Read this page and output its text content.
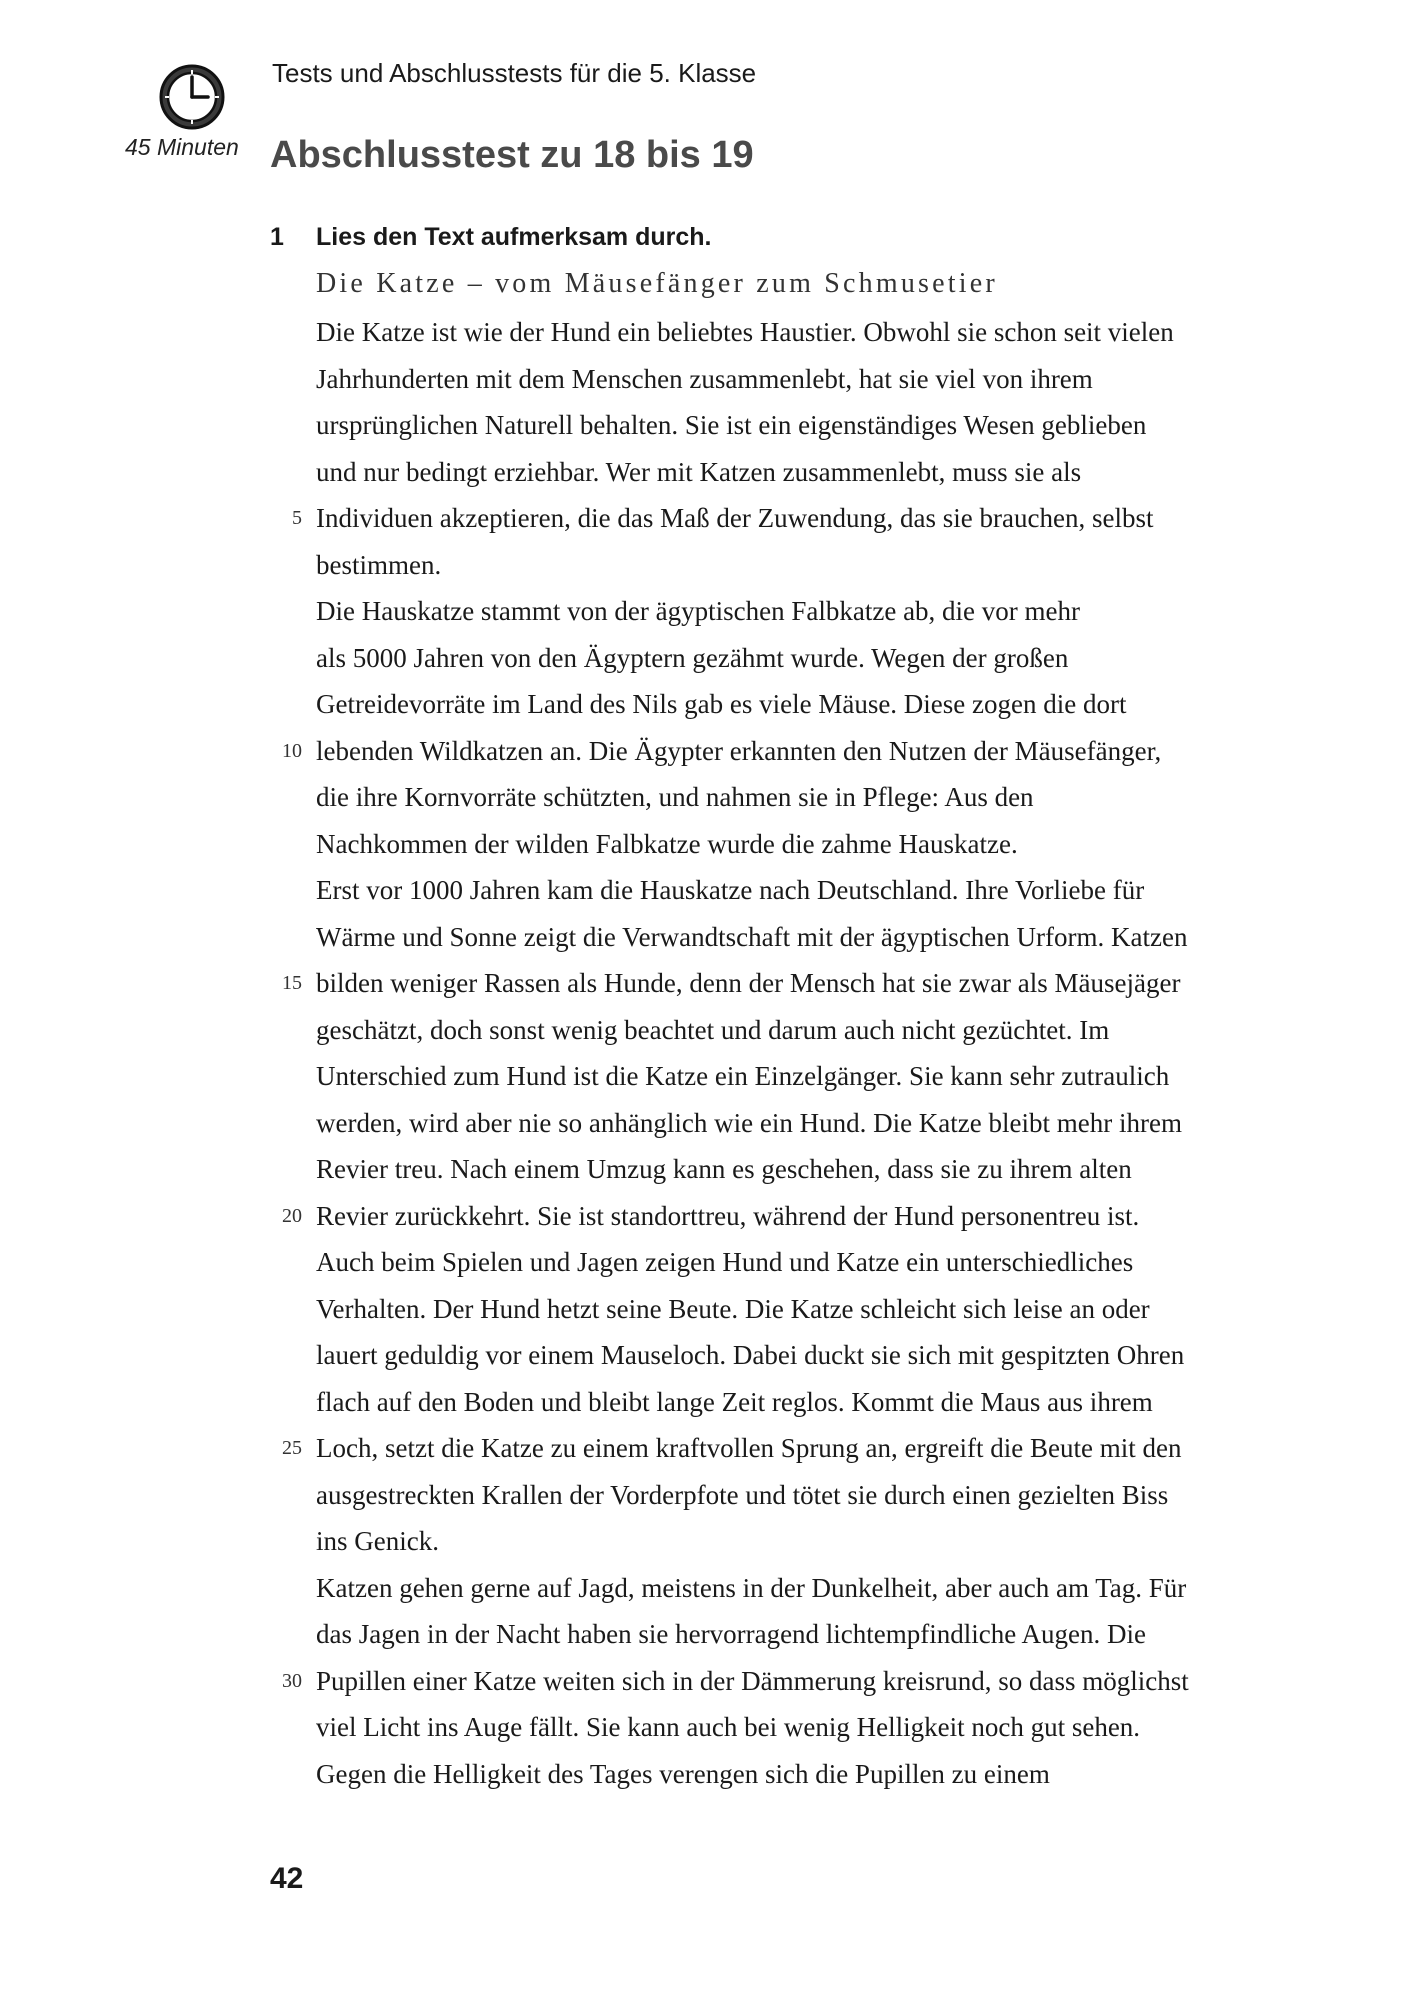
45 Minuten
Tests und Abschlusstests für die 5. Klasse
Abschlusstest zu 18 bis 19
1 Lies den Text aufmerksam durch.
Die Katze – vom Mäusefänger zum Schmusetier
Die Katze ist wie der Hund ein beliebtes Haustier. Obwohl sie schon seit vielen
Jahrhunderten mit dem Menschen zusammenlebt, hat sie viel von ihrem
ursprünglichen Naturell behalten. Sie ist ein eigenständiges Wesen geblieben
und nur bedingt erziehbar. Wer mit Katzen zusammenlebt, muss sie als
5 Individuen akzeptieren, die das Maß der Zuwendung, das sie brauchen, selbst
bestimmen.
Die Hauskatze stammt von der ägyptischen Falbkatze ab, die vor mehr
als 5000 Jahren von den Ägyptern gezähmt wurde. Wegen der großen
Getreidevorräte im Land des Nils gab es viele Mäuse. Diese zogen die dort
10 lebenden Wildkatzen an. Die Ägypter erkannten den Nutzen der Mäusefänger,
die ihre Kornvorräte schützten, und nahmen sie in Pflege: Aus den
Nachkommen der wilden Falbkatze wurde die zahme Hauskatze.
Erst vor 1000 Jahren kam die Hauskatze nach Deutschland. Ihre Vorliebe für
Wärme und Sonne zeigt die Verwandtschaft mit der ägyptischen Urform. Katzen
15 bilden weniger Rassen als Hunde, denn der Mensch hat sie zwar als Mäusejäger
geschätzt, doch sonst wenig beachtet und darum auch nicht gezüchtet. Im
Unterschied zum Hund ist die Katze ein Einzelgänger. Sie kann sehr zutraulich
werden, wird aber nie so anhänglich wie ein Hund. Die Katze bleibt mehr ihrem
Revier treu. Nach einem Umzug kann es geschehen, dass sie zu ihrem alten
20 Revier zurückkehrt. Sie ist standorttreu, während der Hund personentreu ist.
Auch beim Spielen und Jagen zeigen Hund und Katze ein unterschiedliches
Verhalten. Der Hund hetzt seine Beute. Die Katze schleicht sich leise an oder
lauert geduldig vor einem Mauseloch. Dabei duckt sie sich mit gespitzten Ohren
flach auf den Boden und bleibt lange Zeit reglos. Kommt die Maus aus ihrem
25 Loch, setzt die Katze zu einem kraftvollen Sprung an, ergreift die Beute mit den
ausgestreckten Krallen der Vorderpfote und tötet sie durch einen gezielten Biss
ins Genick.
Katzen gehen gerne auf Jagd, meistens in der Dunkelheit, aber auch am Tag. Für
das Jagen in der Nacht haben sie hervorragend lichtempfindliche Augen. Die
30 Pupillen einer Katze weiten sich in der Dämmerung kreisrund, so dass möglichst
viel Licht ins Auge fällt. Sie kann auch bei wenig Helligkeit noch gut sehen.
Gegen die Helligkeit des Tages verengen sich die Pupillen zu einem
42
